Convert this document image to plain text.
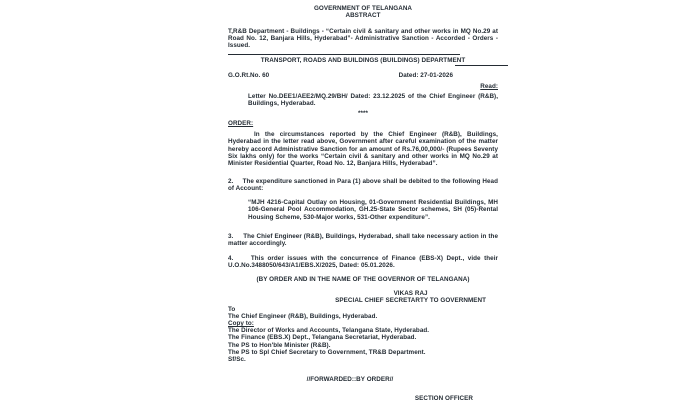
GOVERNMENT OF TELANGANA
ABSTRACT

T,R&B Department - Buildings - “Certain civil & sanitary and other works in MQ No.29 at Road No. 12, Banjara Hills, Hyderabad”- Administrative Sanction - Accorded - Orders - Issued.

TRANSPORT, ROADS AND BUILDINGS (BUILDINGS) DEPARTMENT
G.O.Rt.No. 60	Dated: 27-01-2026
Read:

Letter No.DEE1/AEE2/MQ.29/BH/ Dated: 23.12.2025 of the Chief Engineer (R&B), Buildings, Hyderabad.

****
ORDER:

In the circumstances reported by the Chief Engineer (R&B), Buildings, Hyderabad in the letter read above, Government after careful examination of the matter hereby accord Administrative Sanction for an amount of Rs.76,00,000/- (Rupees Seventy Six lakhs only) for the works “Certain civil & sanitary and other works in MQ No.29 at Minister Residential Quarter, Road No. 12, Banjara Hills, Hyderabad”.

2.     The expenditure sanctioned in Para (1) above shall be debited to the following Head of Account:

“MJH 4216-Capital Outlay on Housing, 01-Government Residential Buildings, MH 106-General Pool Accommodation, GH.25-State Sector schemes, SH (05)-Rental Housing Scheme, 530-Major works, 531-Other expenditure”.

3.     The Chief Engineer (R&B), Buildings, Hyderabad, shall take necessary action in the matter accordingly.

4.     This order issues with the concurrence of Finance (EBS-X) Dept., vide their U.O.No.3488050/643/A1/EBS.X/2025, Dated: 05.01.2026.

(BY ORDER AND IN THE NAME OF THE GOVERNOR OF TELANGANA)
VIKAS RAJ
SPECIAL CHIEF SECRETARTY TO GOVERNMENT
To
The Chief Engineer (R&B), Buildings, Hyderabad.
Copy to:
The Director of Works and Accounts, Telangana State, Hyderabad.
The Finance (EBS.X) Dept., Telangana Secretariat, Hyderabad.
The PS to Hon'ble Minister (R&B).
The PS to Spl Chief Secretary to Government, TR&B Department.
Sf/Sc.
//FORWARDED::BY ORDER//
SECTION OFFICER
